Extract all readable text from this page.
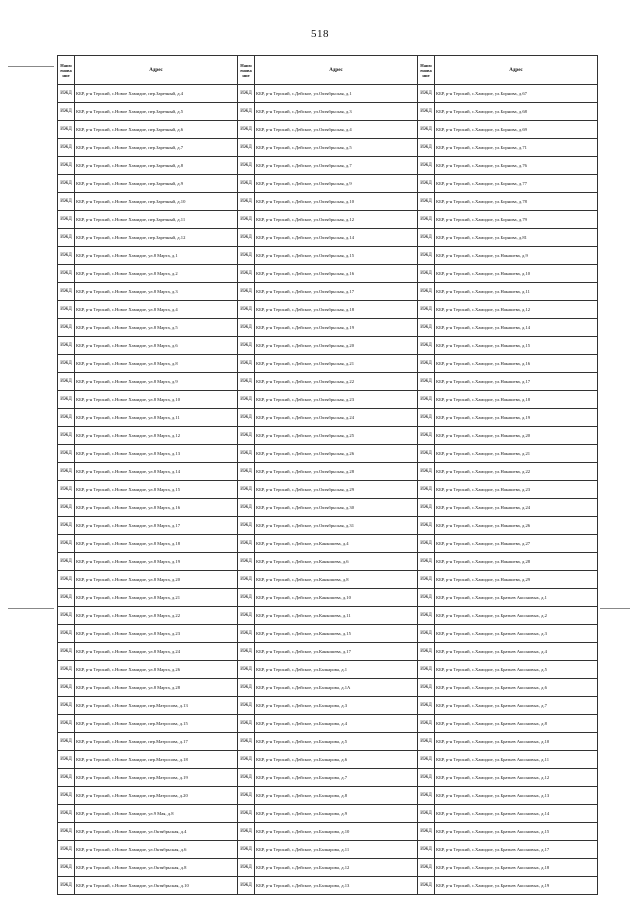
518
Наим енова ние	Адрес	Наим енова ние	Адрес	Наим енова ние	Адрес
ИЖД	КБР, р-н Терский, с.Новое Хамидие, пер.Заречный, д.4	ИЖД	КБР, р-н Терский, с.Дейское, ул.Октябрьская, д.1	ИЖД	КБР, р-н Терский, с.Хамидие, ул.Борнова, д.67
ИЖД	КБР, р-н Терский, с.Новое Хамидие, пер.Заречный, д.5	ИЖД	КБР, р-н Терский, с.Дейское, ул.Октябрьская, д.3	ИЖД	КБР, р-н Терский, с.Хамидие, ул.Борнова, д.68
ИЖД	КБР, р-н Терский, с.Новое Хамидие, пер.Заречный, д.6	ИЖД	КБР, р-н Терский, с.Дейское, ул.Октябрьская, д.4	ИЖД	КБР, р-н Терский, с.Хамидие, ул.Борнова, д.69
ИЖД	КБР, р-н Терский, с.Новое Хамидие, пер.Заречный, д.7	ИЖД	КБР, р-н Терский, с.Дейское, ул.Октябрьская, д.5	ИЖД	КБР, р-н Терский, с.Хамидие, ул.Борнова, д.71
ИЖД	КБР, р-н Терский, с.Новое Хамидие, пер.Заречный, д.8	ИЖД	КБР, р-н Терский, с.Дейское, ул.Октябрьская, д.7	ИЖД	КБР, р-н Терский, с.Хамидие, ул.Борнова, д.76
ИЖД	КБР, р-н Терский, с.Новое Хамидие, пер.Заречный, д.9	ИЖД	КБР, р-н Терский, с.Дейское, ул.Октябрьская, д.9	ИЖД	КБР, р-н Терский, с.Хамидие, ул.Борнова, д.77
ИЖД	КБР, р-н Терский, с.Новое Хамидие, пер.Заречный, д.10	ИЖД	КБР, р-н Терский, с.Дейское, ул.Октябрьская, д.10	ИЖД	КБР, р-н Терский, с.Хамидие, ул.Борнова, д.78
ИЖД	КБР, р-н Терский, с.Новое Хамидие, пер.Заречный, д.11	ИЖД	КБР, р-н Терский, с.Дейское, ул.Октябрьская, д.12	ИЖД	КБР, р-н Терский, с.Хамидие, ул.Борнова, д.79
ИЖД	КБР, р-н Терский, с.Новое Хамидие, пер.Заречный, д.12	ИЖД	КБР, р-н Терский, с.Дейское, ул.Октябрьская, д.14	ИЖД	КБР, р-н Терский, с.Хамидие, ул.Борнова, д.81
ИЖД	КБР, р-н Терский, с.Новое Хамидие, ул.8 Марта, д.1	ИЖД	КБР, р-н Терский, с.Дейское, ул.Октябрьская, д.15	ИЖД	КБР, р-н Терский, с.Хамидие, ул.Накашева, д.9
ИЖД	КБР, р-н Терский, с.Новое Хамидие, ул.8 Марта, д.2	ИЖД	КБР, р-н Терский, с.Дейское, ул.Октябрьская, д.16	ИЖД	КБР, р-н Терский, с.Хамидие, ул.Накашева, д.10
ИЖД	КБР, р-н Терский, с.Новое Хамидие, ул.8 Марта, д.3	ИЖД	КБР, р-н Терский, с.Дейское, ул.Октябрьская, д.17	ИЖД	КБР, р-н Терский, с.Хамидие, ул.Накашева, д.11
ИЖД	КБР, р-н Терский, с.Новое Хамидие, ул.8 Марта, д.4	ИЖД	КБР, р-н Терский, с.Дейское, ул.Октябрьская, д.18	ИЖД	КБР, р-н Терский, с.Хамидие, ул.Накашева, д.12
ИЖД	КБР, р-н Терский, с.Новое Хамидие, ул.8 Марта, д.5	ИЖД	КБР, р-н Терский, с.Дейское, ул.Октябрьская, д.19	ИЖД	КБР, р-н Терский, с.Хамидие, ул.Накашева, д.14
ИЖД	КБР, р-н Терский, с.Новое Хамидие, ул.8 Марта, д.6	ИЖД	КБР, р-н Терский, с.Дейское, ул.Октябрьская, д.20	ИЖД	КБР, р-н Терский, с.Хамидие, ул.Накашева, д.15
ИЖД	КБР, р-н Терский, с.Новое Хамидие, ул.8 Марта, д.8	ИЖД	КБР, р-н Терский, с.Дейское, ул.Октябрьская, д.21	ИЖД	КБР, р-н Терский, с.Хамидие, ул.Накашева, д.16
ИЖД	КБР, р-н Терский, с.Новое Хамидие, ул.8 Марта, д.9	ИЖД	КБР, р-н Терский, с.Дейское, ул.Октябрьская, д.22	ИЖД	КБР, р-н Терский, с.Хамидие, ул.Накашева, д.17
ИЖД	КБР, р-н Терский, с.Новое Хамидие, ул.8 Марта, д.10	ИЖД	КБР, р-н Терский, с.Дейское, ул.Октябрьская, д.23	ИЖД	КБР, р-н Терский, с.Хамидие, ул.Накашева, д.18
ИЖД	КБР, р-н Терский, с.Новое Хамидие, ул.8 Марта, д.11	ИЖД	КБР, р-н Терский, с.Дейское, ул.Октябрьская, д.24	ИЖД	КБР, р-н Терский, с.Хамидие, ул.Накашева, д.19
ИЖД	КБР, р-н Терский, с.Новое Хамидие, ул.8 Марта, д.12	ИЖД	КБР, р-н Терский, с.Дейское, ул.Октябрьская, д.25	ИЖД	КБР, р-н Терский, с.Хамидие, ул.Накашева, д.20
ИЖД	КБР, р-н Терский, с.Новое Хамидие, ул.8 Марта, д.13	ИЖД	КБР, р-н Терский, с.Дейское, ул.Октябрьская, д.26	ИЖД	КБР, р-н Терский, с.Хамидие, ул.Накашева, д.21
ИЖД	КБР, р-н Терский, с.Новое Хамидие, ул.8 Марта, д.14	ИЖД	КБР, р-н Терский, с.Дейское, ул.Октябрьская, д.28	ИЖД	КБР, р-н Терский, с.Хамидие, ул.Накашева, д.22
ИЖД	КБР, р-н Терский, с.Новое Хамидие, ул.8 Марта, д.15	ИЖД	КБР, р-н Терский, с.Дейское, ул.Октябрьская, д.29	ИЖД	КБР, р-н Терский, с.Хамидие, ул.Накашева, д.23
ИЖД	КБР, р-н Терский, с.Новое Хамидие, ул.8 Марта, д.16	ИЖД	КБР, р-н Терский, с.Дейское, ул.Октябрьская, д.30	ИЖД	КБР, р-н Терский, с.Хамидие, ул.Накашева, д.24
ИЖД	КБР, р-н Терский, с.Новое Хамидие, ул.8 Марта, д.17	ИЖД	КБР, р-н Терский, с.Дейское, ул.Октябрьская, д.31	ИЖД	КБР, р-н Терский, с.Хамидие, ул.Накашева, д.26
ИЖД	КБР, р-н Терский, с.Новое Хамидие, ул.8 Марта, д.18	ИЖД	КБР, р-н Терский, с.Дейское, ул.Канкошева, д.4	ИЖД	КБР, р-н Терский, с.Хамидие, ул.Накашева, д.27
ИЖД	КБР, р-н Терский, с.Новое Хамидие, ул.8 Марта, д.19	ИЖД	КБР, р-н Терский, с.Дейское, ул.Канкошева, д.6	ИЖД	КБР, р-н Терский, с.Хамидие, ул.Накашева, д.28
ИЖД	КБР, р-н Терский, с.Новое Хамидие, ул.8 Марта, д.20	ИЖД	КБР, р-н Терский, с.Дейское, ул.Канкошева, д.8	ИЖД	КБР, р-н Терский, с.Хамидие, ул.Накашева, д.29
ИЖД	КБР, р-н Терский, с.Новое Хамидие, ул.8 Марта, д.21	ИЖД	КБР, р-н Терский, с.Дейское, ул.Канкошева, д.10	ИЖД	КБР, р-н Терский, с.Хамидие, ул.Братьев Аксоновых, д.1
ИЖД	КБР, р-н Терский, с.Новое Хамидие, ул.8 Марта, д.22	ИЖД	КБР, р-н Терский, с.Дейское, ул.Канкошева, д.11	ИЖД	КБР, р-н Терский, с.Хамидие, ул.Братьев Аксоновых, д.2
ИЖД	КБР, р-н Терский, с.Новое Хамидие, ул.8 Марта, д.23	ИЖД	КБР, р-н Терский, с.Дейское, ул.Канкошева, д.15	ИЖД	КБР, р-н Терский, с.Хамидие, ул.Братьев Аксоновых, д.3
ИЖД	КБР, р-н Терский, с.Новое Хамидие, ул.8 Марта, д.24	ИЖД	КБР, р-н Терский, с.Дейское, ул.Канкошева, д.17	ИЖД	КБР, р-н Терский, с.Хамидие, ул.Братьев Аксоновых, д.4
ИЖД	КБР, р-н Терский, с.Новое Хамидие, ул.8 Марта, д.26	ИЖД	КБР, р-н Терский, с.Дейское, ул.Балкарова, д.1	ИЖД	КБР, р-н Терский, с.Хамидие, ул.Братьев Аксоновых, д.5
ИЖД	КБР, р-н Терский, с.Новое Хамидие, ул.8 Марта, д.28	ИЖД	КБР, р-н Терский, с.Дейское, ул.Балкарова, д.1А	ИЖД	КБР, р-н Терский, с.Хамидие, ул.Братьев Аксоновых, д.6
ИЖД	КБР, р-н Терский, с.Новое Хамидие, пер.Матросова, д.13	ИЖД	КБР, р-н Терский, с.Дейское, ул.Балкарова, д.3	ИЖД	КБР, р-н Терский, с.Хамидие, ул.Братьев Аксоновых, д.7
ИЖД	КБР, р-н Терский, с.Новое Хамидие, пер.Матросова, д.15	ИЖД	КБР, р-н Терский, с.Дейское, ул.Балкарова, д.4	ИЖД	КБР, р-н Терский, с.Хамидие, ул.Братьев Аксоновых, д.8
ИЖД	КБР, р-н Терский, с.Новое Хамидие, пер.Матросова, д.17	ИЖД	КБР, р-н Терский, с.Дейское, ул.Балкарова, д.5	ИЖД	КБР, р-н Терский, с.Хамидие, ул.Братьев Аксоновых, д.10
ИЖД	КБР, р-н Терский, с.Новое Хамидие, пер.Матросова, д.18	ИЖД	КБР, р-н Терский, с.Дейское, ул.Балкарова, д.6	ИЖД	КБР, р-н Терский, с.Хамидие, ул.Братьев Аксоновых, д.11
ИЖД	КБР, р-н Терский, с.Новое Хамидие, пер.Матросова, д.19	ИЖД	КБР, р-н Терский, с.Дейское, ул.Балкарова, д.7	ИЖД	КБР, р-н Терский, с.Хамидие, ул.Братьев Аксоновых, д.12
ИЖД	КБР, р-н Терский, с.Новое Хамидие, пер.Матросова, д.20	ИЖД	КБР, р-н Терский, с.Дейское, ул.Балкарова, д.8	ИЖД	КБР, р-н Терский, с.Хамидие, ул.Братьев Аксоновых, д.13
ИЖД	КБР, р-н Терский, с.Новое Хамидие, ул.9 Мая, д.8	ИЖД	КБР, р-н Терский, с.Дейское, ул.Балкарова, д.9	ИЖД	КБР, р-н Терский, с.Хамидие, ул.Братьев Аксоновых, д.14
ИЖД	КБР, р-н Терский, с.Новое Хамидие, ул.Октябрьская, д.4	ИЖД	КБР, р-н Терский, с.Дейское, ул.Балкарова, д.10	ИЖД	КБР, р-н Терский, с.Хамидие, ул.Братьев Аксоновых, д.15
ИЖД	КБР, р-н Терский, с.Новое Хамидие, ул.Октябрьская, д.6	ИЖД	КБР, р-н Терский, с.Дейское, ул.Балкарова, д.11	ИЖД	КБР, р-н Терский, с.Хамидие, ул.Братьев Аксоновых, д.17
ИЖД	КБР, р-н Терский, с.Новое Хамидие, ул.Октябрьская, д.8	ИЖД	КБР, р-н Терский, с.Дейское, ул.Балкарова, д.12	ИЖД	КБР, р-н Терский, с.Хамидие, ул.Братьев Аксоновых, д.18
ИЖД	КБР, р-н Терский, с.Новое Хамидие, ул.Октябрьская, д.10	ИЖД	КБР, р-н Терский, с.Дейское, ул.Балкарова, д.13	ИЖД	КБР, р-н Терский, с.Хамидие, ул.Братьев Аксоновых, д.19
